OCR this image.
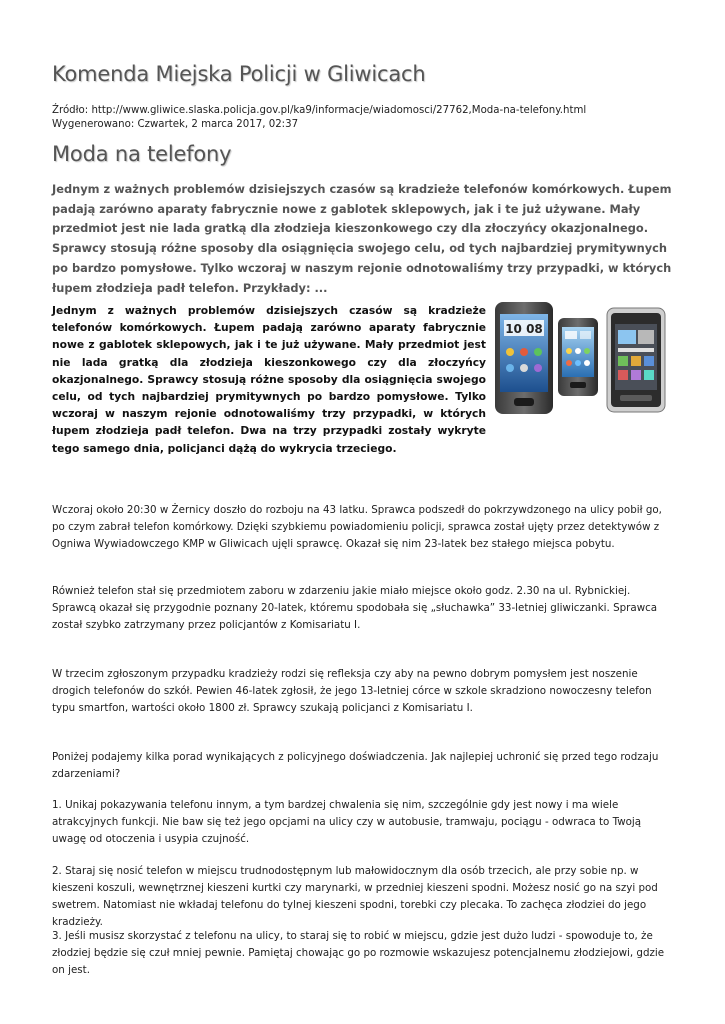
Komenda Miejska Policji w Gliwicach
Źródło: http://www.gliwice.slaska.policja.gov.pl/ka9/informacje/wiadomosci/27762,Moda-na-telefony.html
Wygenerowano: Czwartek, 2 marca 2017, 02:37
Moda na telefony
Jednym z ważnych problemów dzisiejszych czasów są kradzieże telefonów komórkowych. Łupem padają zarówno aparaty fabrycznie nowe z gablotek sklepowych, jak i te już używane. Mały przedmiot jest nie lada gratką dla złodzieja kieszonkowego czy dla złoczyńcy okazjonalnego. Sprawcy stosują różne sposoby dla osiągnięcia swojego celu, od tych najbardziej prymitywnych po bardzo pomysłowe. Tylko wczoraj w naszym rejonie odnotowaliśmy trzy przypadki, w których łupem złodzieja padł telefon. Przykłady: ...
Jednym z ważnych problemów dzisiejszych czasów są kradzieże telefonów komórkowych. Łupem padają zarówno aparaty fabrycznie nowe z gablotek sklepowych, jak i te już używane. Mały przedmiot jest nie lada gratką dla złodzieja kieszonkowego czy dla złoczyńcy okazjonalnego. Sprawcy stosują różne sposoby dla osiągnięcia swojego celu, od tych najbardziej prymitywnych po bardzo pomysłowe. Tylko wczoraj w naszym rejonie odnotowaliśmy trzy przypadki, w których łupem złodzieja padł telefon. Dwa na trzy przypadki zostały wykryte tego samego dnia, policjanci dążą do wykrycia trzeciego.
10 08
Wczoraj około 20:30 w Żernicy doszło do rozboju na 43 latku. Sprawca podszedł do pokrzywdzonego na ulicy pobił go, po czym zabrał telefon komórkowy. Dzięki szybkiemu powiadomieniu policji, sprawca został ujęty przez detektywów z Ogniwa Wywiadowczego KMP w Gliwicach ujęli sprawcę. Okazał się nim 23-latek bez stałego miejsca pobytu.
Również telefon stał się przedmiotem zaboru w zdarzeniu jakie miało miejsce około godz. 2.30 na ul. Rybnickiej. Sprawcą okazał się przygodnie poznany 20-latek, któremu spodobała się „słuchawka” 33-letniej gliwiczanki. Sprawca został szybko zatrzymany przez policjantów z Komisariatu I.
W trzecim zgłoszonym przypadku kradzieży rodzi się refleksja czy aby na pewno dobrym pomysłem jest noszenie drogich telefonów do szkół. Pewien 46-latek zgłosił, że jego 13-letniej córce w szkole skradziono nowoczesny telefon typu smartfon, wartości około 1800 zł. Sprawcy szukają policjanci z Komisariatu I.
Poniżej podajemy kilka porad wynikających z policyjnego doświadczenia. Jak najlepiej uchronić się przed tego rodzaju zdarzeniami?
1. Unikaj pokazywania telefonu innym, a tym bardzej chwalenia się nim, szczególnie gdy jest nowy i ma wiele atrakcyjnych funkcji. Nie baw się też jego opcjami na ulicy czy w autobusie, tramwaju, pociągu - odwraca to Twoją uwagę od otoczenia i usypia czujność.
2. Staraj się nosić telefon w miejscu trudnodostępnym lub małowidocznym dla osób trzecich, ale przy sobie np. w kieszeni koszuli, wewnętrznej kieszeni kurtki czy marynarki, w przedniej kieszeni spodni. Możesz nosić go na szyi pod swetrem. Natomiast nie wkładaj telefonu do tylnej kieszeni spodni, torebki czy plecaka. To zachęca złodziei do jego kradzieży.
3. Jeśli musisz skorzystać z telefonu na ulicy, to staraj się to robić w miejscu, gdzie jest dużo ludzi - spowoduje to, że złodziej będzie się czuł mniej pewnie. Pamiętaj chowając go po rozmowie wskazujesz potencjalnemu złodziejowi, gdzie on jest.
